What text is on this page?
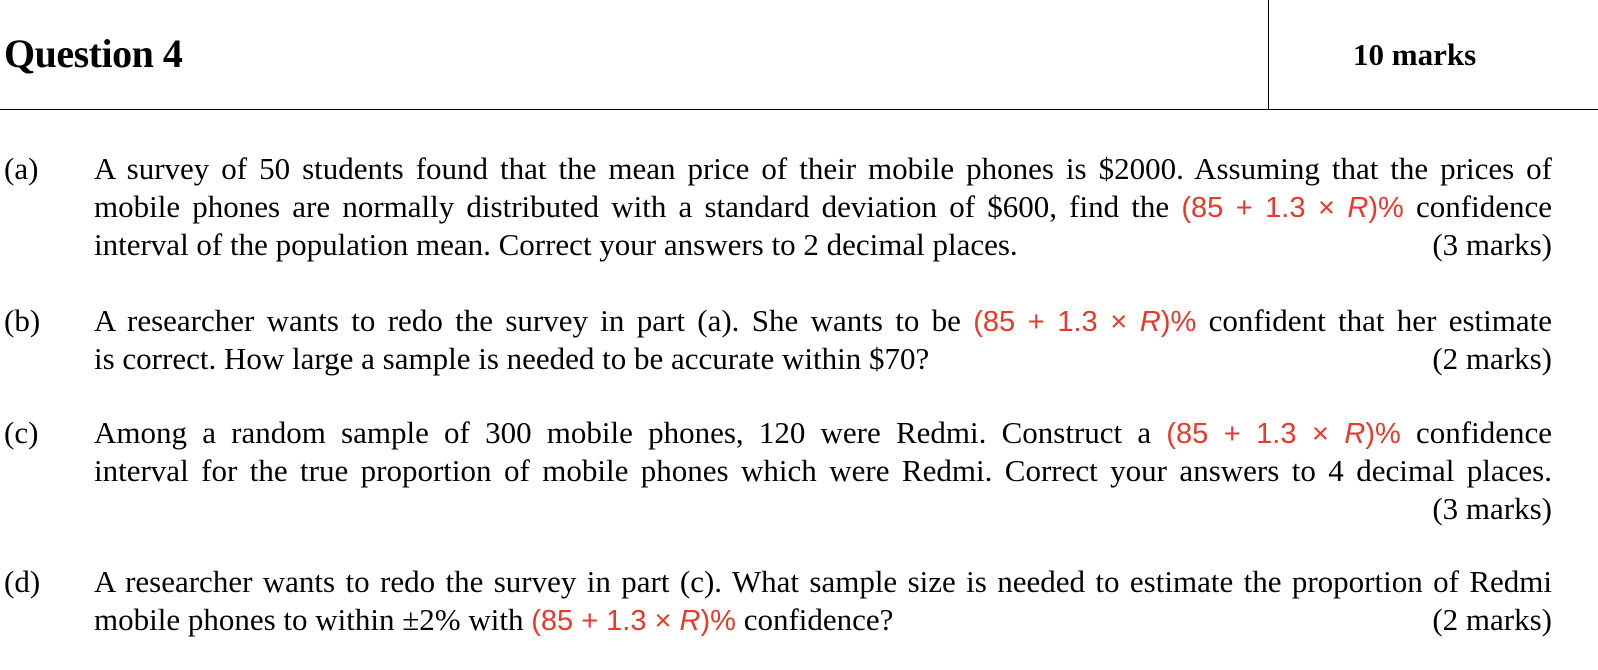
Question 4	10 marks
(a) A survey of 50 students found that the mean price of their mobile phones is $2000. Assuming that the prices of
mobile phones are normally distributed with a standard deviation of $600, find the (85 + 1.3 × R)% confidence
interval of the population mean. Correct your answers to 2 decimal places.	(3 marks)
(b) A researcher wants to redo the survey in part (a). She wants to be (85 + 1.3 × R)% confident that her estimate
is correct. How large a sample is needed to be accurate within $70?	(2 marks)
(c) Among a random sample of 300 mobile phones, 120 were Redmi. Construct a (85 + 1.3 × R)% confidence
interval for the true proportion of mobile phones which were Redmi. Correct your answers to 4 decimal places.
(3 marks)
(d) A researcher wants to redo the survey in part (c). What sample size is needed to estimate the proportion of Redmi
mobile phones to within ±2% with (85 + 1.3 × R)% confidence?	(2 marks)
